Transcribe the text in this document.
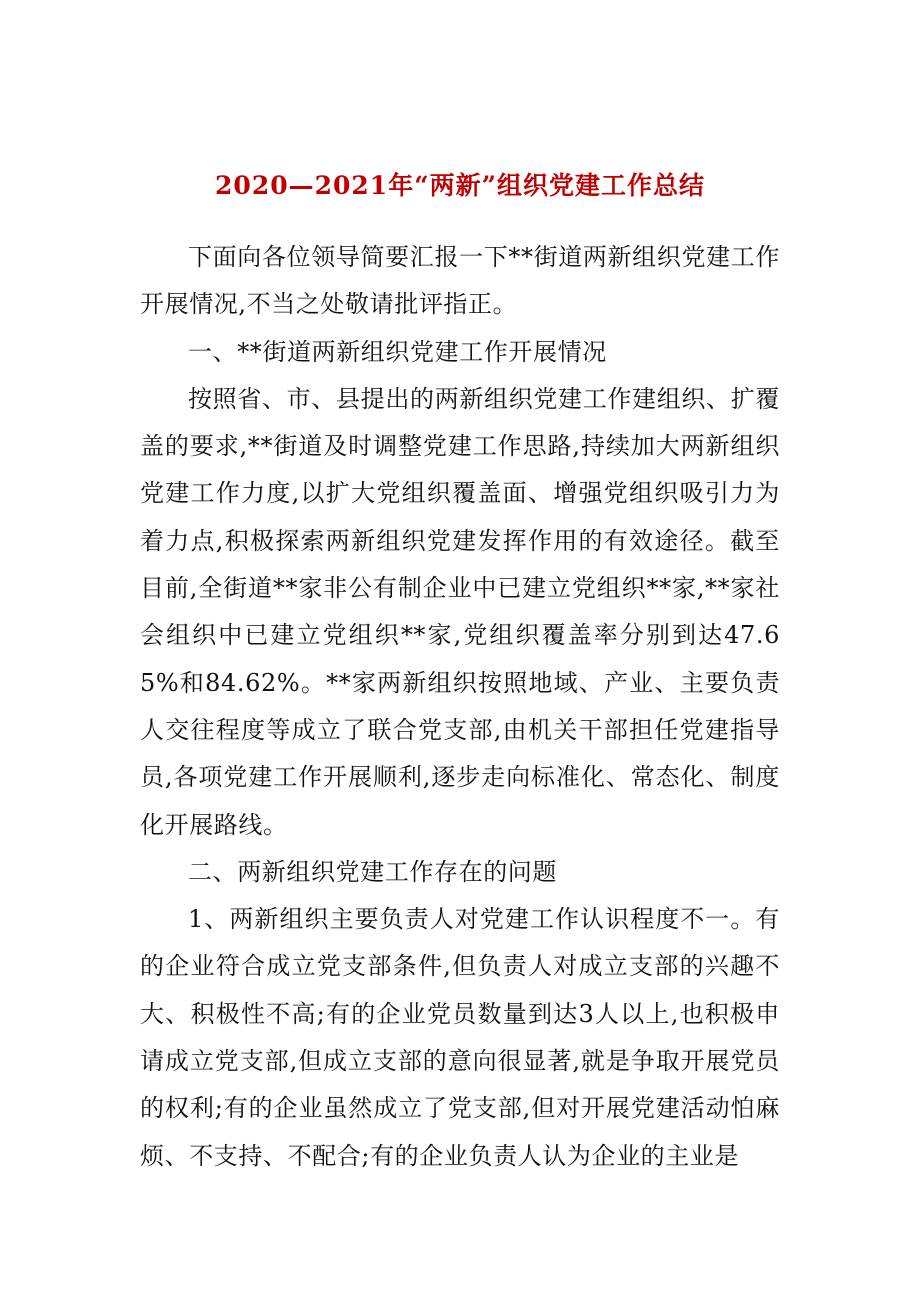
2020—2021年“两新”组织党建工作总结

下面向各位领导简要汇报一下**街道两新组织党建工作开展情况,不当之处敬请批评指正。

一、**街道两新组织党建工作开展情况

按照省、市、县提出的两新组织党建工作建组织、扩覆盖的要求,**街道及时调整党建工作思路,持续加大两新组织党建工作力度,以扩大党组织覆盖面、增强党组织吸引力为着力点,积极探索两新组织党建发挥作用的有效途径。截至目前,全街道**家非公有制企业中已建立党组织**家,**家社会组织中已建立党组织**家,党组织覆盖率分别到达47.65%和84.62%。**家两新组织按照地域、产业、主要负责人交往程度等成立了联合党支部,由机关干部担任党建指导员,各项党建工作开展顺利,逐步走向标准化、常态化、制度化开展路线。

二、两新组织党建工作存在的问题

1、两新组织主要负责人对党建工作认识程度不一。有的企业符合成立党支部条件,但负责人对成立支部的兴趣不大、积极性不高;有的企业党员数量到达3人以上,也积极申请成立党支部,但成立支部的意向很显著,就是争取开展党员的权利;有的企业虽然成立了党支部,但对开展党建活动怕麻烦、不支持、不配合;有的企业负责人认为企业的主业是
